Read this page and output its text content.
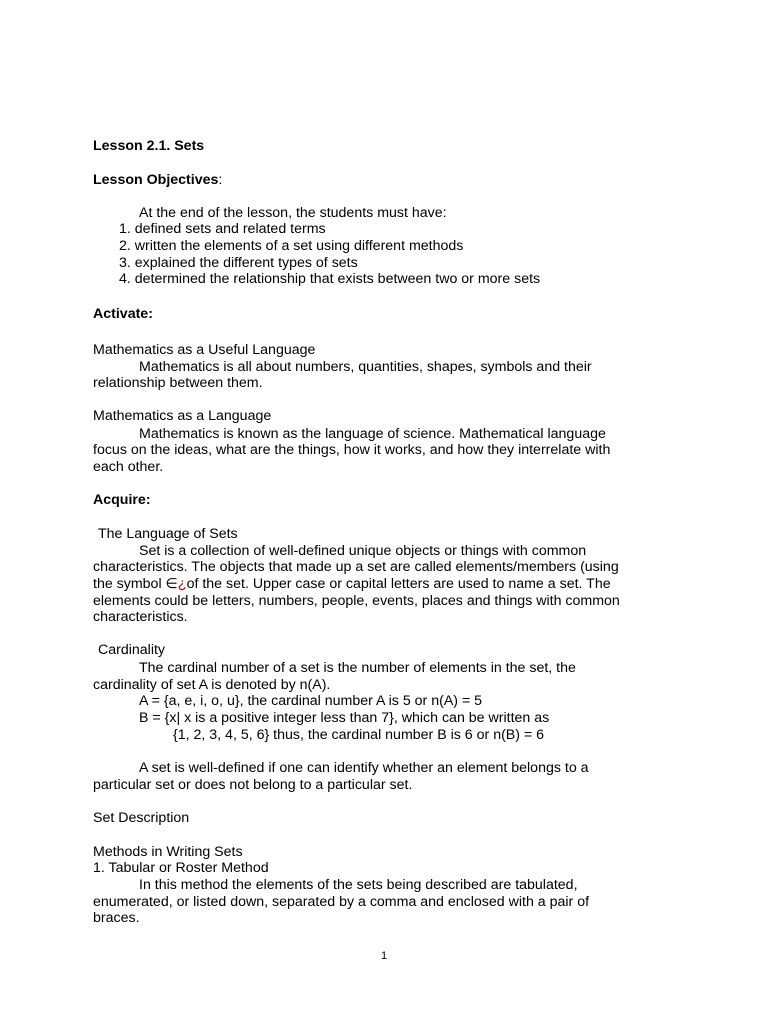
Lesson 2.1. Sets
Lesson Objectives:
At the end of the lesson, the students must have:
1. defined sets and related terms
2. written the elements of a set using different methods
3. explained the different types of sets
4. determined the relationship that exists between two or more sets
Activate:
Mathematics as a Useful Language
Mathematics is all about numbers, quantities, shapes, symbols and their
relationship between them.
Mathematics as a Language
Mathematics is known as the language of science. Mathematical language
focus on the ideas, what are the things, how it works, and how they interrelate with
each other.
Acquire:
The Language of Sets
Set is a collection of well-defined unique objects or things with common
characteristics. The objects that made up a set are called elements/members (using
the symbol ∈¿of the set. Upper case or capital letters are used to name a set. The
elements could be letters, numbers, people, events, places and things with common
characteristics.
Cardinality
The cardinal number of a set is the number of elements in the set, the
cardinality of set A is denoted by n(A).
A = {a, e, i, o, u}, the cardinal number A is 5 or n(A) = 5
B = {x| x is a positive integer less than 7}, which can be written as
{1, 2, 3, 4, 5, 6} thus, the cardinal number B is 6 or n(B) = 6
A set is well-defined if one can identify whether an element belongs to a
particular set or does not belong to a particular set.
Set Description
Methods in Writing Sets
1. Tabular or Roster Method
In this method the elements of the sets being described are tabulated,
enumerated, or listed down, separated by a comma and enclosed with a pair of
braces.
1
